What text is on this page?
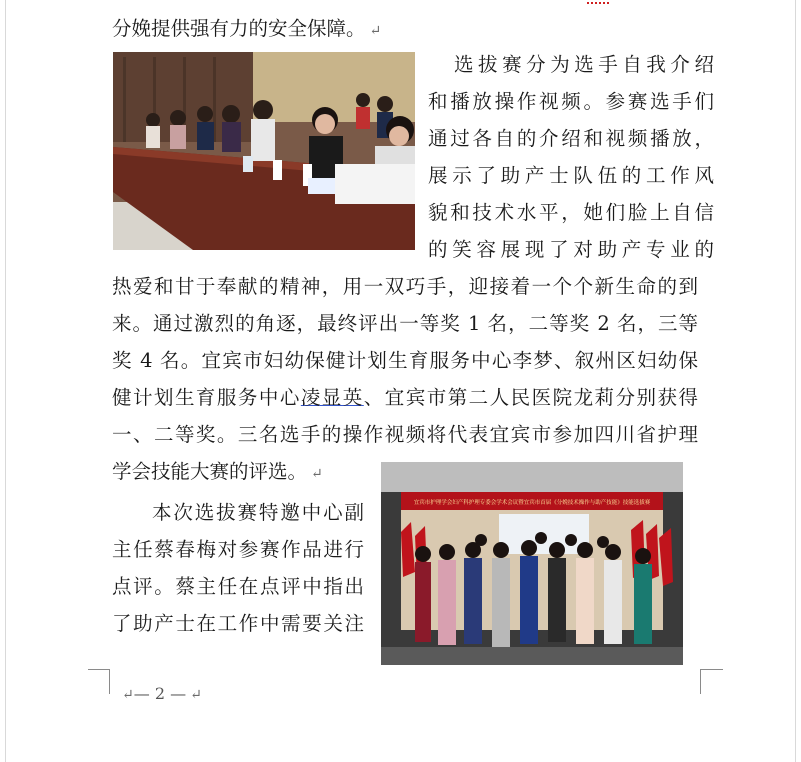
分娩提供强有力的安全保障。 ↵
选拔赛分为选手自我介绍
和播放操作视频。参赛选手们
通过各自的介绍和视频播放，
展示了助产士队伍的工作风
貌和技术水平，她们脸上自信
的笑容展现了对助产专业的
热爱和甘于奉献的精神，用一双巧手，迎接着一个个新生命的到
来。通过激烈的角逐，最终评出一等奖 1 名，二等奖 2 名，三等
奖 4 名。宜宾市妇幼保健计划生育服务中心李梦、叙州区妇幼保
健计划生育服务中心凌显英、宜宾市第二人民医院龙莉分别获得
一、二等奖。三名选手的操作视频将代表宜宾市参加四川省护理
学会技能大赛的评选。 ↵
本次选拔赛特邀中心副
主任蔡春梅对参赛作品进行
点评。蔡主任在点评中指出
了助产士在工作中需要关注
宜宾市护理学会妇产科护理专委会学术会议暨宜宾市首届《分娩技术操作与助产技能》技能选拔赛
↵— 2 — ↵
